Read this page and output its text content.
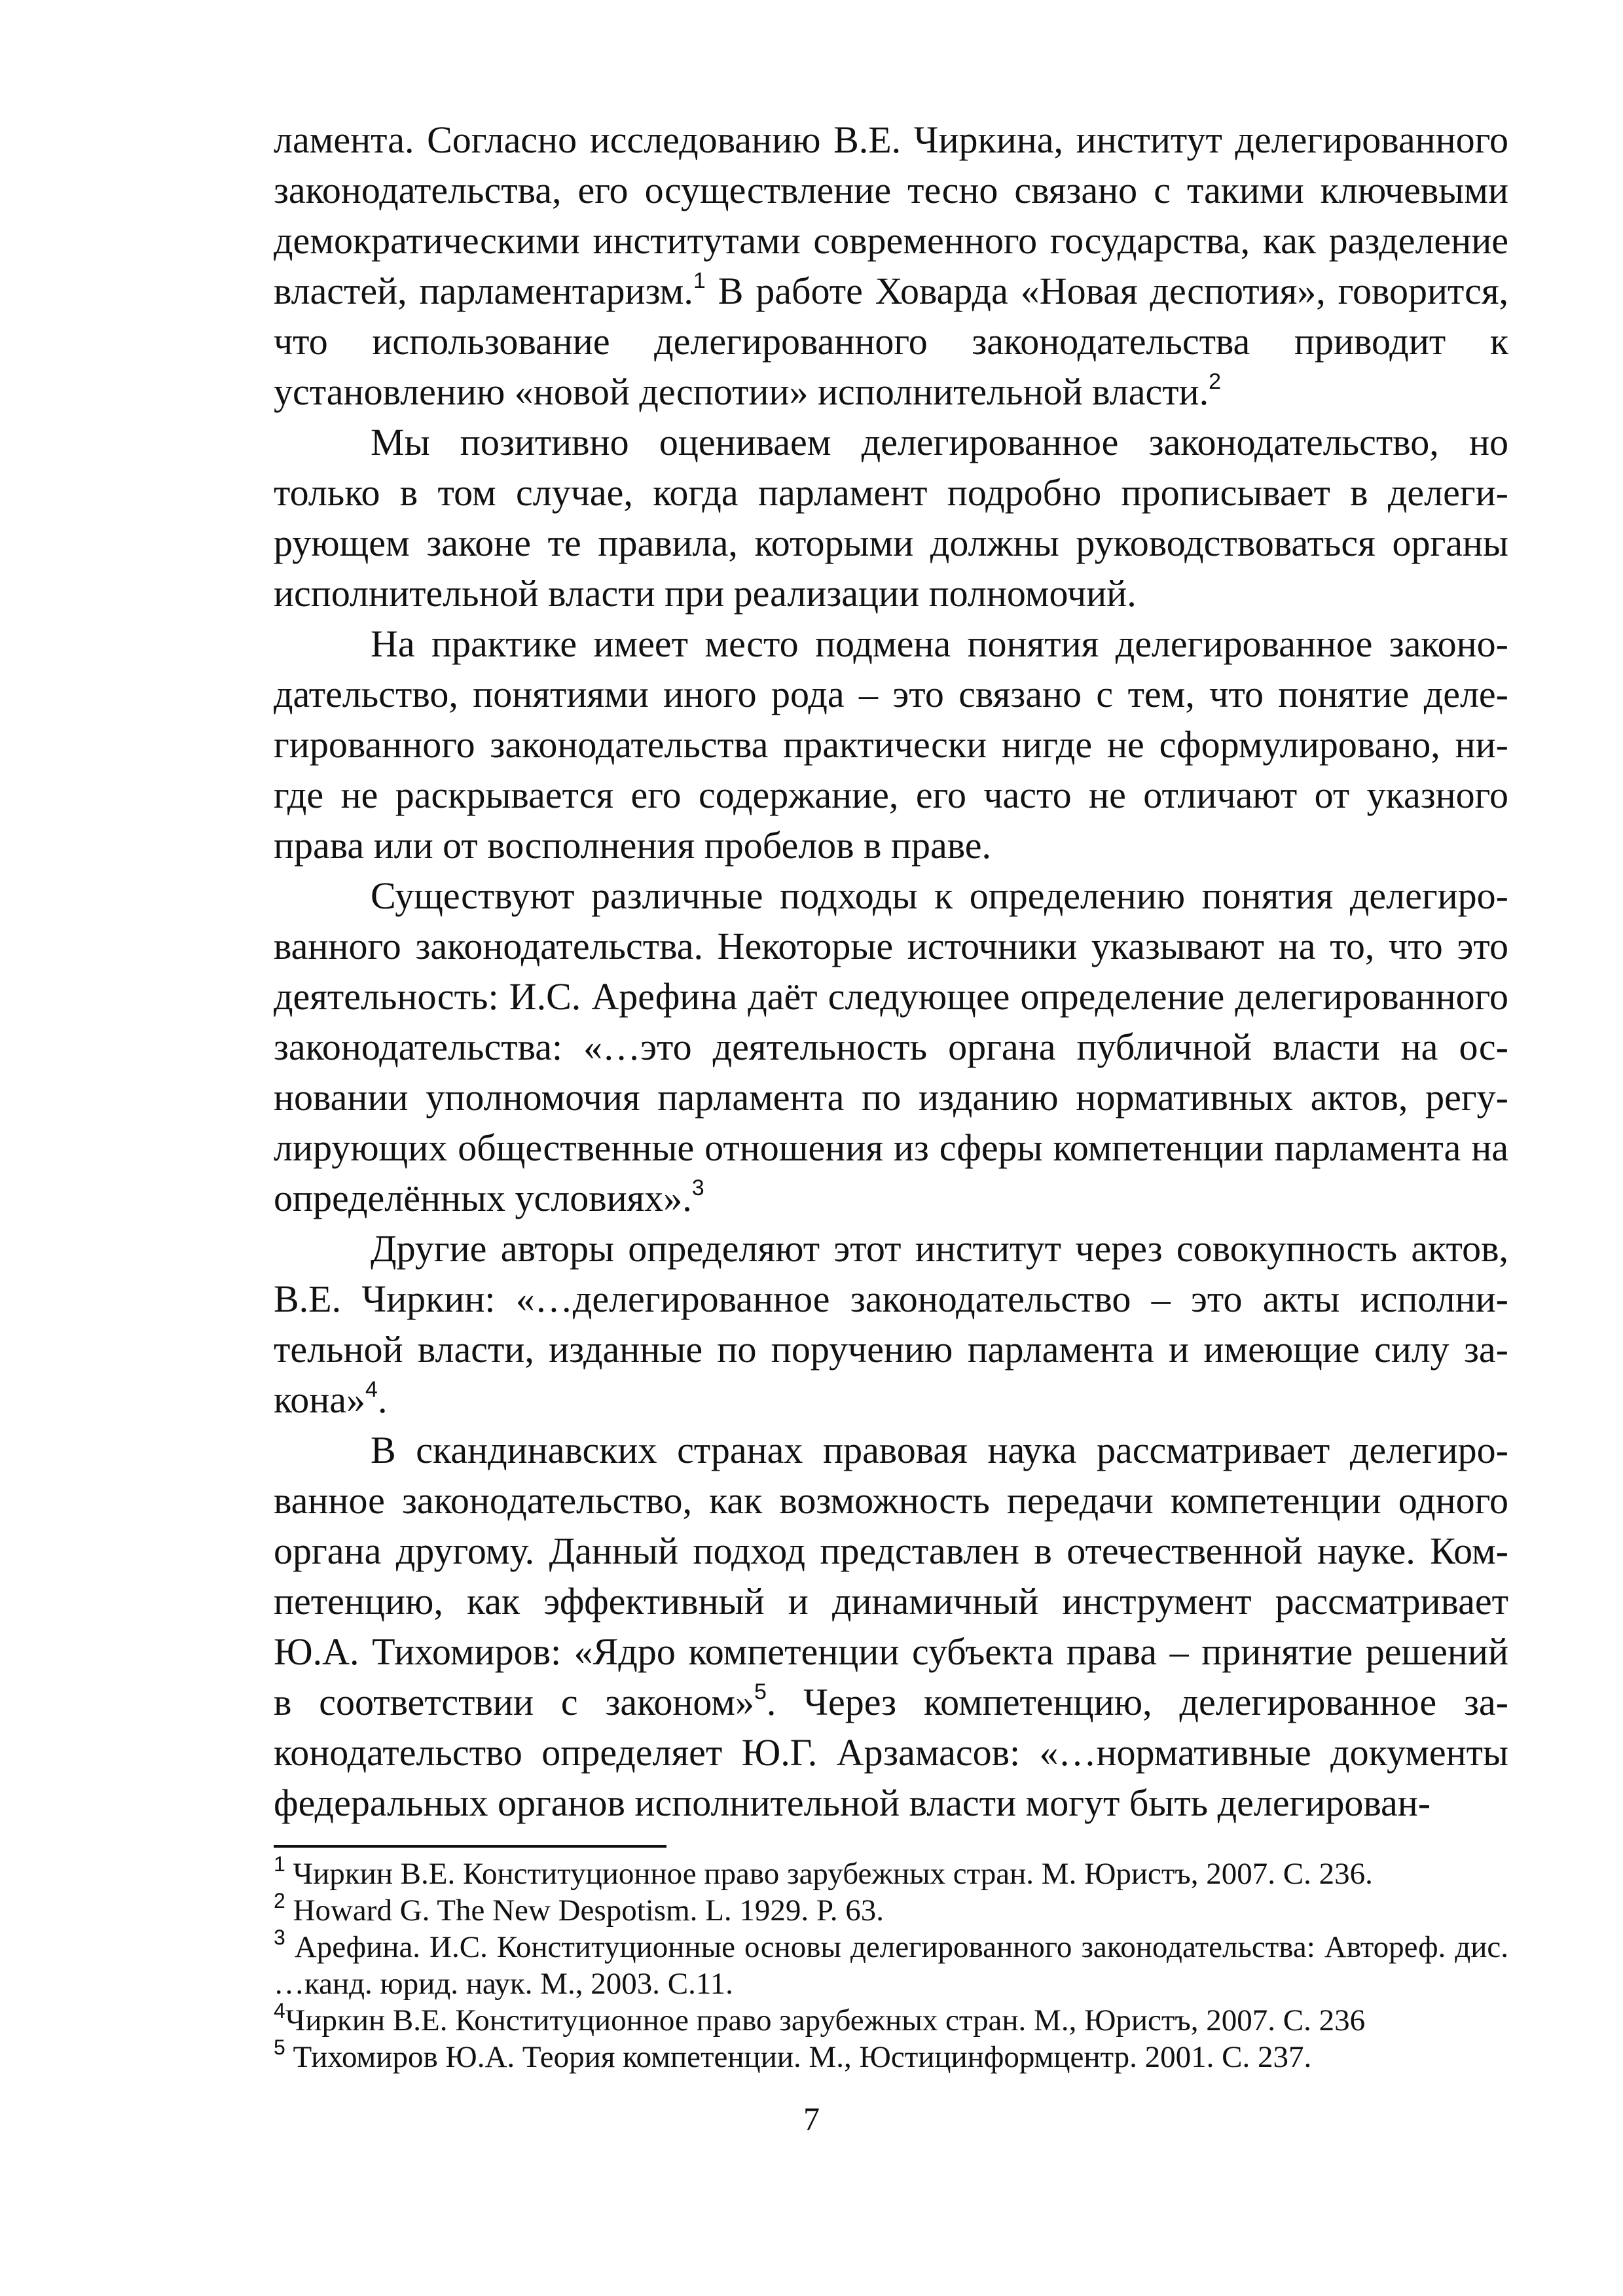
ламента. Согласно исследованию В.Е. Чиркина, институт делегированного законодательства, его осуществление тесно связано с такими ключевыми демократическими институтами современного государства, как разделение властей, парламентаризм.$^1$ В работе Ховарда «Новая деспотия», говорится, что использование делегированного законодательства приводит к установлению «новой деспотии» исполнительной власти.$^2$

Мы позитивно оцениваем делегированное законодательство, но только в том случае, когда парламент подробно прописывает в делегирующем законе те правила, которыми должны руководствоваться органы исполнительной власти при реализации полномочий.

На практике имеет место подмена понятия делегированное законодательство, понятиями иного рода – это связано с тем, что понятие делегированного законодательства практически нигде не сформулировано, нигде не раскрывается его содержание, его часто не отличают от указного права или от восполнения пробелов в праве.

Существуют различные подходы к определению понятия делегированного законодательства. Некоторые источники указывают на то, что это деятельность: И.С. Арефина даёт следующее определение делегированного законодательства: «…это деятельность органа публичной власти на основании уполномочия парламента по изданию нормативных актов, регулирующих общественные отношения из сферы компетенции парламента на определённых условиях».$^3$

Другие авторы определяют этот институт через совокупность актов, В.Е. Чиркин: «…делегированное законодательство – это акты исполнительной власти, изданные по поручению парламента и имеющие силу закона»$^4$.

В скандинавских странах правовая наука рассматривает делегированное законодательство, как возможность передачи компетенции одного органа другому. Данный подход представлен в отечественной науке. Компетенцию, как эффективный и динамичный инструмент рассматривает Ю.А. Тихомиров: «Ядро компетенции субъекта права – принятие решений в соответствии с законом»$^5$. Через компетенцию, делегированное законодательство определяет Ю.Г. Арзамасов: «…нормативные документы федеральных органов исполнительной власти могут быть делегирован-

$^1$ Чиркин В.Е. Конституционное право зарубежных стран. М. Юристъ, 2007. С. 236.

$^2$ Howard G. The New Despotism. L. 1929. P. 63.

$^3$ Арефина. И.С. Конституционные основы делегированного законодательства: Автореф. дис. …канд. юрид. наук. М., 2003. С.11.

$^4$Чиркин В.Е. Конституционное право зарубежных стран. М., Юристъ, 2007. С. 236

$^5$ Тихомиров Ю.А. Теория компетенции. М., Юстицинформцентр. 2001. С. 237.

7
